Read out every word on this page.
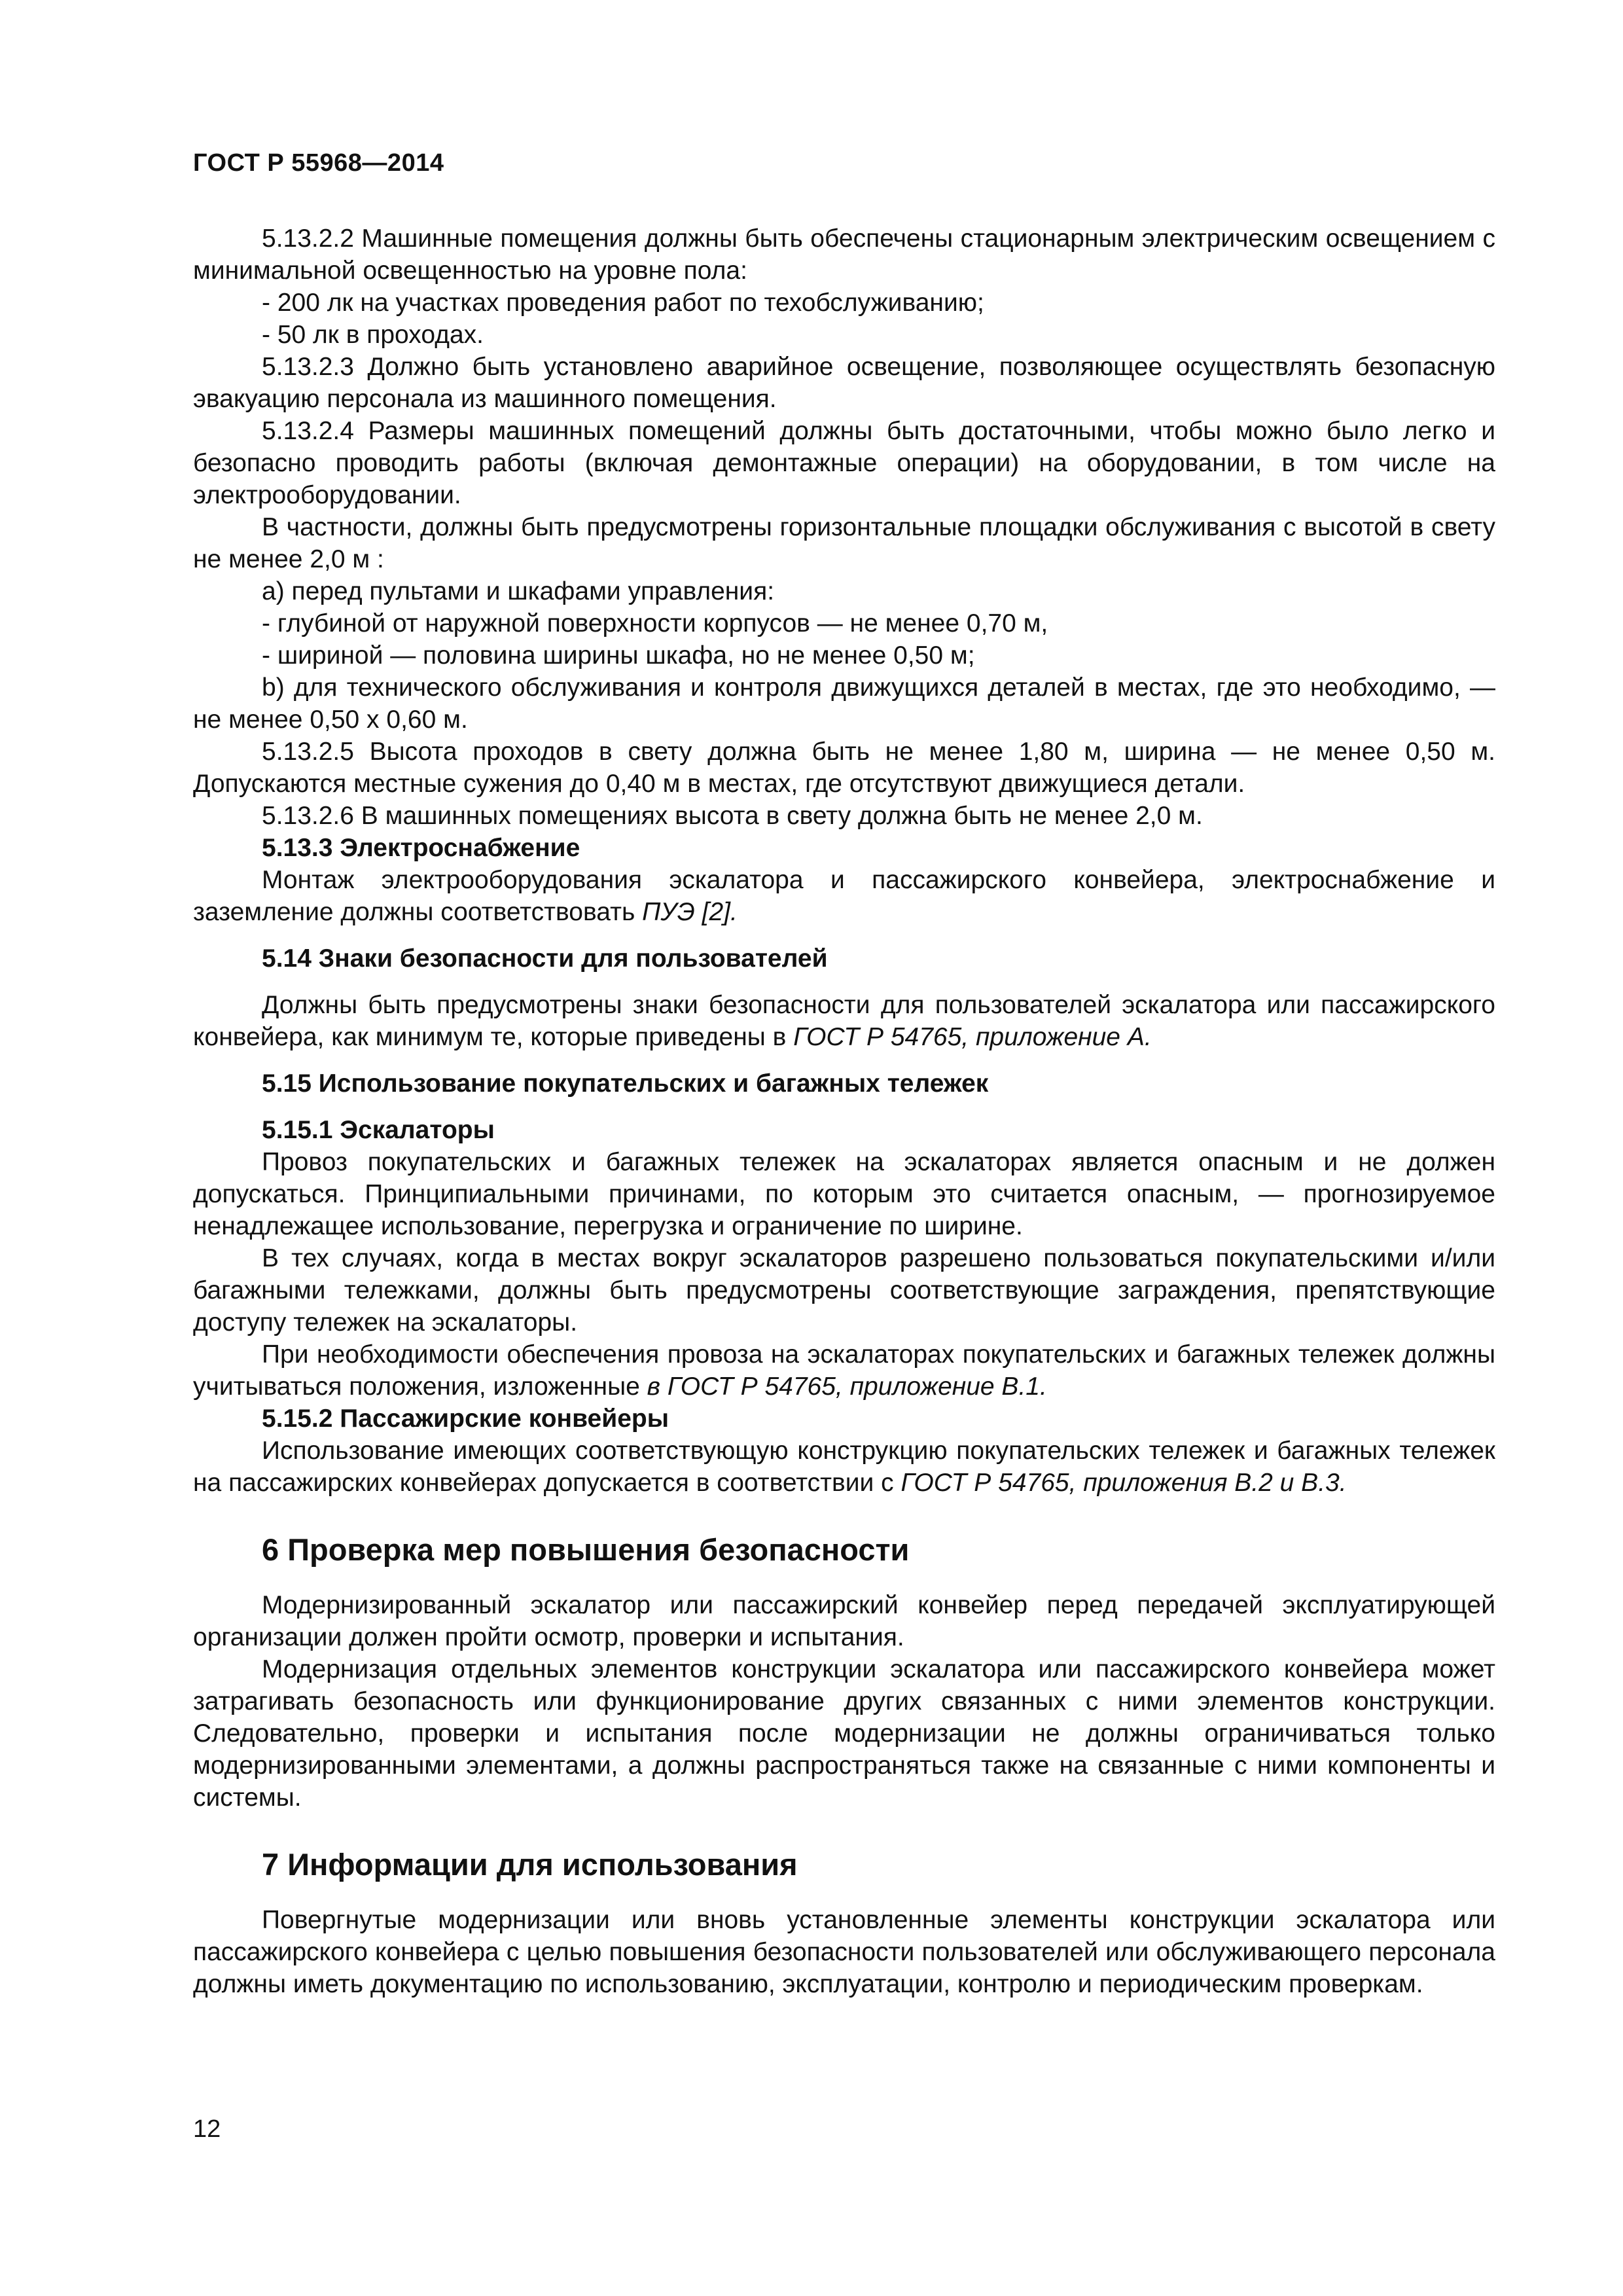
ГОСТ Р 55968—2014

5.13.2.2 Машинные помещения должны быть обеспечены стационарным электрическим освещением с минимальной освещенностью на уровне пола:

- 200 лк на участках проведения работ по техобслуживанию;

- 50 лк в проходах.

5.13.2.3 Должно быть установлено аварийное освещение, позволяющее осуществлять безопасную эвакуацию персонала из машинного помещения.

5.13.2.4 Размеры машинных помещений должны быть достаточными, чтобы можно было легко и безопасно проводить работы (включая демонтажные операции) на оборудовании, в том числе на электрооборудовании.

В частности, должны быть предусмотрены горизонтальные площадки обслуживания с высотой в свету не менее 2,0 м :

a) перед пультами и шкафами управления:

- глубиной от наружной поверхности корпусов — не менее 0,70 м,

- шириной — половина ширины шкафа, но не менее 0,50 м;

b) для технического обслуживания и контроля движущихся деталей в местах, где это необходимо, — не менее 0,50 x 0,60 м.

5.13.2.5 Высота проходов в свету должна быть не менее 1,80 м, ширина — не менее 0,50 м. Допускаются местные сужения до 0,40 м в местах, где отсутствуют движущиеся детали.

5.13.2.6 В машинных помещениях высота в свету должна быть не менее 2,0 м.

5.13.3 Электроснабжение

Монтаж электрооборудования эскалатора и пассажирского конвейера, электроснабжение и заземление должны соответствовать ПУЭ [2].

5.14 Знаки безопасности для пользователей

Должны быть предусмотрены знаки безопасности для пользователей эскалатора или пассажирского конвейера, как минимум те, которые приведены в ГОСТ Р 54765, приложение А.

5.15 Использование покупательских и багажных тележек

5.15.1 Эскалаторы

Провоз покупательских и багажных тележек на эскалаторах является опасным и не должен допускаться. Принципиальными причинами, по которым это считается опасным, — прогнозируемое ненадлежащее использование, перегрузка и ограничение по ширине.

В тех случаях, когда в местах вокруг эскалаторов разрешено пользоваться покупательскими и/или багажными тележками, должны быть предусмотрены соответствующие заграждения, препятствующие доступу тележек на эскалаторы.

При необходимости обеспечения провоза на эскалаторах покупательских и багажных тележек должны учитываться положения, изложенные в ГОСТ Р 54765, приложение В.1.

5.15.2 Пассажирские конвейеры

Использование имеющих соответствующую конструкцию покупательских тележек и багажных тележек на пассажирских конвейерах допускается в соответствии с ГОСТ Р 54765, приложения В.2 и В.3.

6 Проверка мер повышения безопасности

Модернизированный эскалатор или пассажирский конвейер перед передачей эксплуатирующей организации должен пройти осмотр, проверки и испытания.

Модернизация отдельных элементов конструкции эскалатора или пассажирского конвейера может затрагивать безопасность или функционирование других связанных с ними элементов конструкции. Следовательно, проверки и испытания после модернизации не должны ограничиваться только модернизированными элементами, а должны распространяться также на связанные с ними компоненты и системы.

7 Информации для использования

Повергнутые модернизации или вновь установленные элементы конструкции эскалатора или пассажирского конвейера с целью повышения безопасности пользователей или обслуживающего персонала должны иметь документацию по использованию, эксплуатации, контролю и периодическим проверкам.

12
